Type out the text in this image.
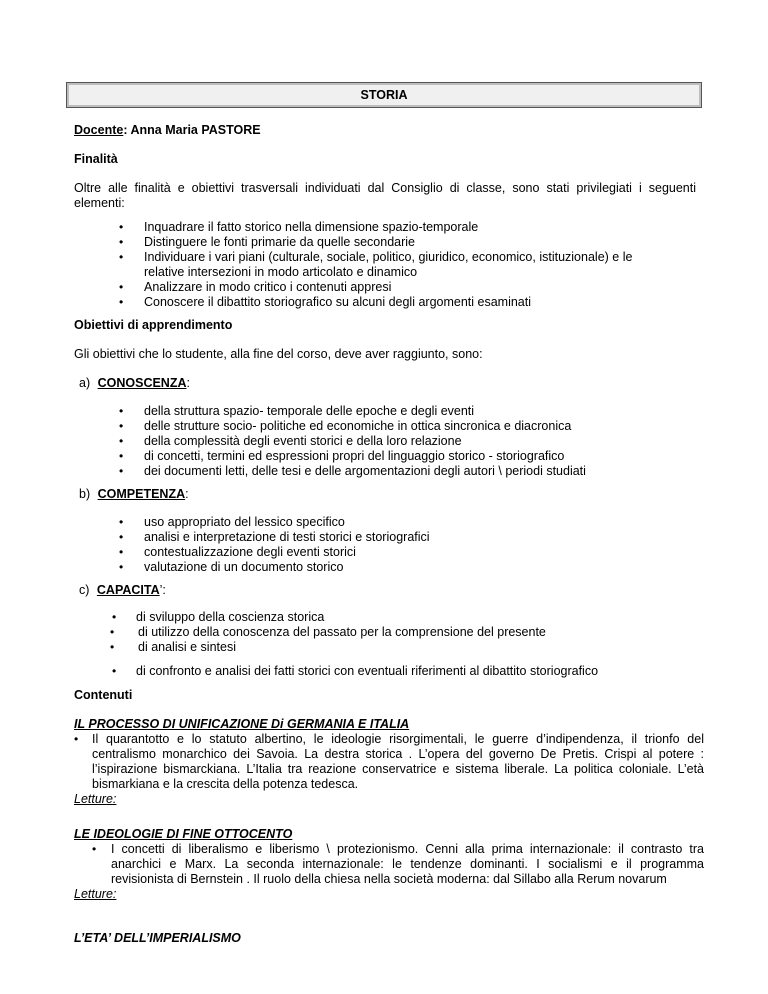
STORIA
Docente: Anna Maria PASTORE
Finalità
Oltre alle finalità e obiettivi trasversali individuati dal Consiglio di classe, sono stati privilegiati i seguenti elementi:
• Inquadrare il fatto storico nella dimensione spazio-temporale
• Distinguere le fonti primarie da quelle secondarie
• Individuare i vari piani (culturale, sociale, politico, giuridico, economico, istituzionale) e le relative intersezioni in modo articolato e dinamico
• Analizzare in modo critico i contenuti appresi
• Conoscere il dibattito storiografico su alcuni degli argomenti esaminati
Obiettivi di apprendimento
Gli obiettivi che lo studente, alla fine del corso, deve aver raggiunto, sono:
a) CONOSCENZA:
• della struttura spazio- temporale delle epoche e degli eventi
• delle strutture socio- politiche ed economiche in ottica sincronica e diacronica
• della complessità degli eventi storici e della loro relazione
• di concetti, termini ed espressioni propri del linguaggio storico - storiografico
• dei documenti letti, delle tesi e delle argomentazioni degli autori \ periodi studiati
b) COMPETENZA:
• uso appropriato del lessico specifico
• analisi e interpretazione di testi storici e storiografici
• contestualizzazione degli eventi storici
• valutazione di un documento storico
c) CAPACITA’:
• di sviluppo della coscienza storica
• di utilizzo della conoscenza del passato per la comprensione del presente
• di analisi e sintesi
• di confronto e analisi dei fatti storici con eventuali riferimenti al dibattito storiografico
Contenuti
IL PROCESSO DI UNIFICAZIONE Di GERMANIA E ITALIA
• Il quarantotto e lo statuto albertino, le ideologie risorgimentali, le guerre d’indipendenza, il trionfo del centralismo monarchico dei Savoia. La destra storica . L’opera del governo De Pretis. Crispi al potere : l’ispirazione bismarckiana. L’Italia tra reazione conservatrice e sistema liberale. La politica coloniale. L’età bismarkiana e la crescita della potenza tedesca.
Letture:
LE IDEOLOGIE DI FINE OTTOCENTO
• I concetti di liberalismo e liberismo \ protezionismo. Cenni alla prima internazionale: il contrasto tra anarchici e Marx. La seconda internazionale: le tendenze dominanti. I socialismi e il programma revisionista di Bernstein . Il ruolo della chiesa nella società moderna: dal Sillabo alla Rerum novarum
Letture:
L’ETA’ DELL’IMPERIALISMO
